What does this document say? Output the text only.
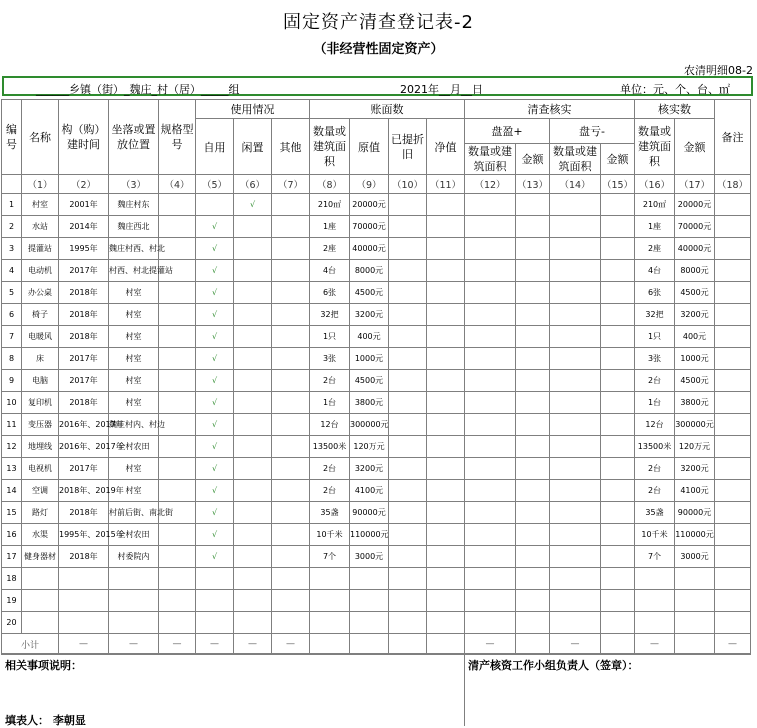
固定资产清查登记表-2
（非经营性固定资产）
农清明细08-2
______乡镇（街）_魏庄_村（居）_____组	2021年__月__日	单位：元、个、台、㎡
编号	名称	构（购）建时间	坐落或置放位置	规格型号	使用情况			账面数				清查核实				核实数		备注
					自用	闲置	其他	数量或建筑面积	原值	已提折旧	净值	盘盈+		盘亏-		数量或建筑面积	金额	
												数量或建筑面积	金额	数量或建筑面积	金额			
	（1）	（2）	（3）	（4）	（5）	（6）	（7）	（8）	（9）	（10）	（11）	（12）	（13）	（14）	（15）	（16）	（17）	（18）
1	村室	2001年	魏庄村东			√		210㎡	20000元							210㎡	20000元	
2	水站	2014年	魏庄西北		√			1座	70000元							1座	70000元	
3	提灌站	1995年	魏庄村西、村北		√			2座	40000元							2座	40000元	
4	电动机	2017年	村西、村北提灌站		√			4台	8000元							4台	8000元	
5	办公桌	2018年	村室		√			6张	4500元							6张	4500元	
6	椅子	2018年	村室		√			32把	3200元							32把	3200元	
7	电暖风	2018年	村室		√			1只	400元							1只	400元	
8	床	2017年	村室		√			3张	1000元							3张	1000元	
9	电脑	2017年	村室		√			2台	4500元							2台	4500元	
10	复印机	2018年	村室		√			1台	3800元							1台	3800元	
11	变压器	2016年、2017年	魏庄村内、村边		√			12台	300000元							12台	300000元	
12	地埋线	2016年、2017年	全村农田		√			13500米	120万元							13500米	120万元	
13	电视机	2017年	村室		√			2台	3200元							2台	3200元	
14	空调	2018年、2019年	村室		√			2台	4100元							2台	4100元	
15	路灯	2018年	村前后街、南北街		√			35盏	90000元							35盏	90000元	
16	水渠	1995年、2015年	全村农田		√			10千米	110000元							10千米	110000元	
17	健身器材	2018年	村委院内		√			7个	3000元							7个	3000元	
18																		
19																		
20																		
小计		—	—	—	—	—	—					—		—		—		—
相关事项说明：	清产核资工作小组负责人（签章）：
填表人： 李朝显
